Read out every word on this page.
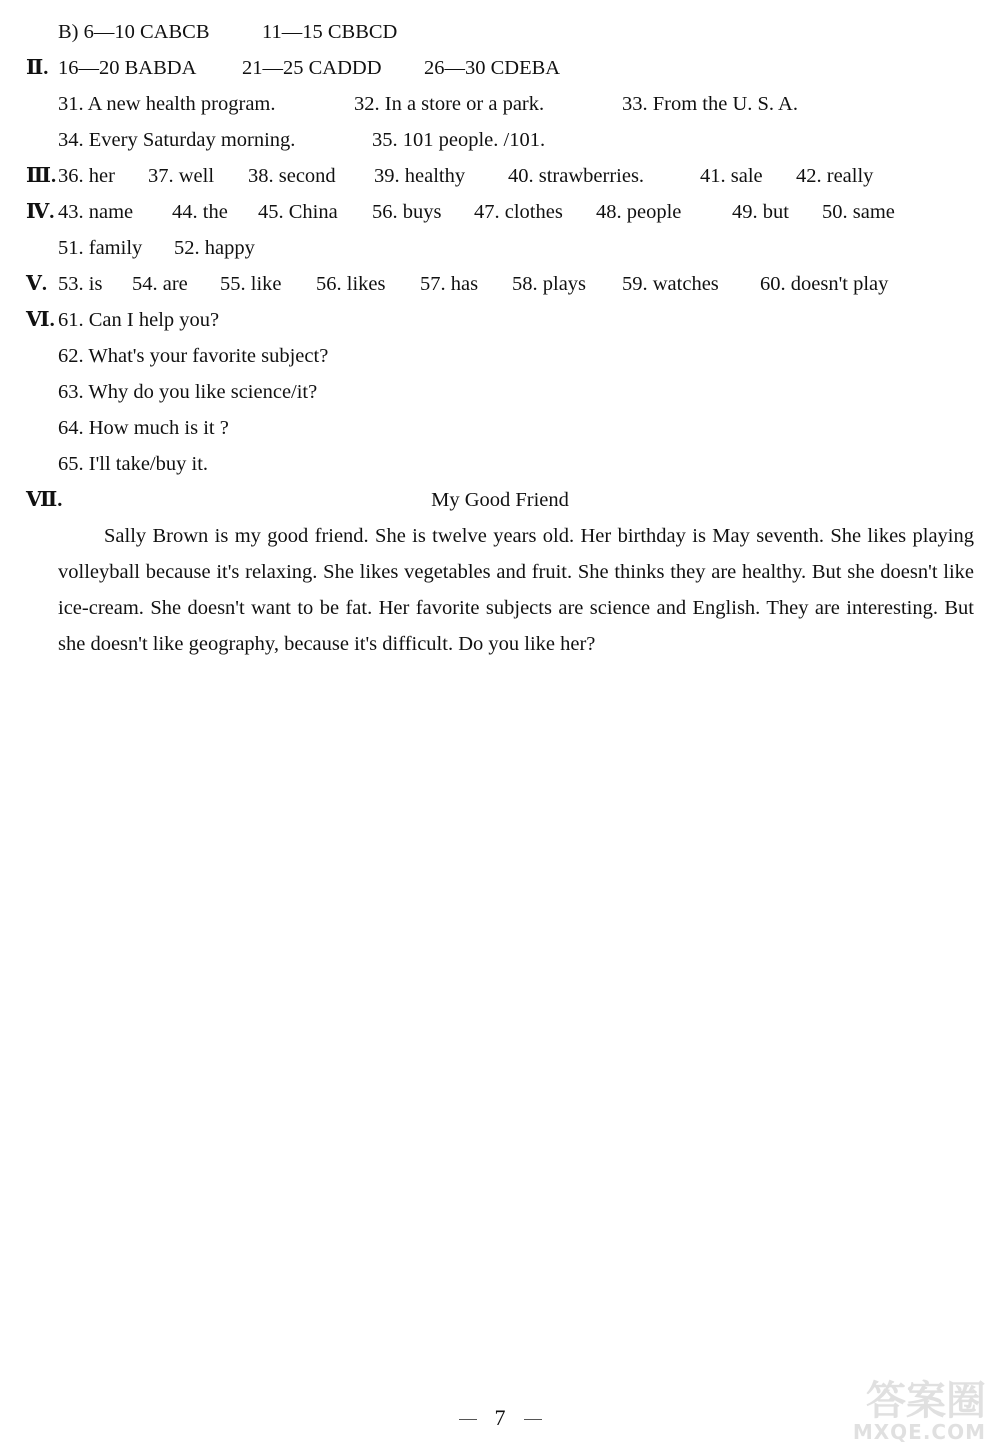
B) 6—10 CABCB	11—15 CBBCD
Ⅱ. 16—20 BABDA 21—25 CADDD 26—30 CDEBA
31. A new health program.	32. In a store or a park.	33. From the U. S. A.
34. Every Saturday morning.	35. 101 people. /101.
Ⅲ. 36. her 37. well 38. second 39. healthy 40. strawberries.	41. sale 42. really
Ⅳ. 43. name 44. the 45. China 56. buys 47. clothes 48. people 49. but 50. same
51. family 52. happy
Ⅴ. 53. is 54. are 55. like 56. likes 57. has 58. plays 59. watches 60. doesn't play
Ⅵ. 61. Can I help you?
62. What's your favorite subject?
63. Why do you like science/it?
64. How much is it ?
65. I'll take/buy it.
Ⅶ.	My Good Friend

Sally Brown is my good friend. She is twelve years old. Her birthday is May seventh. She likes playing volleyball because it's relaxing. She likes vegetables and fruit. She thinks they are healthy. But she doesn't like ice-cream. She doesn't want to be fat. Her favorite subjects are science and English. They are interesting. But she doesn't like geography, because it's difficult. Do you like her?

7	答案圈
MXQE.COM
